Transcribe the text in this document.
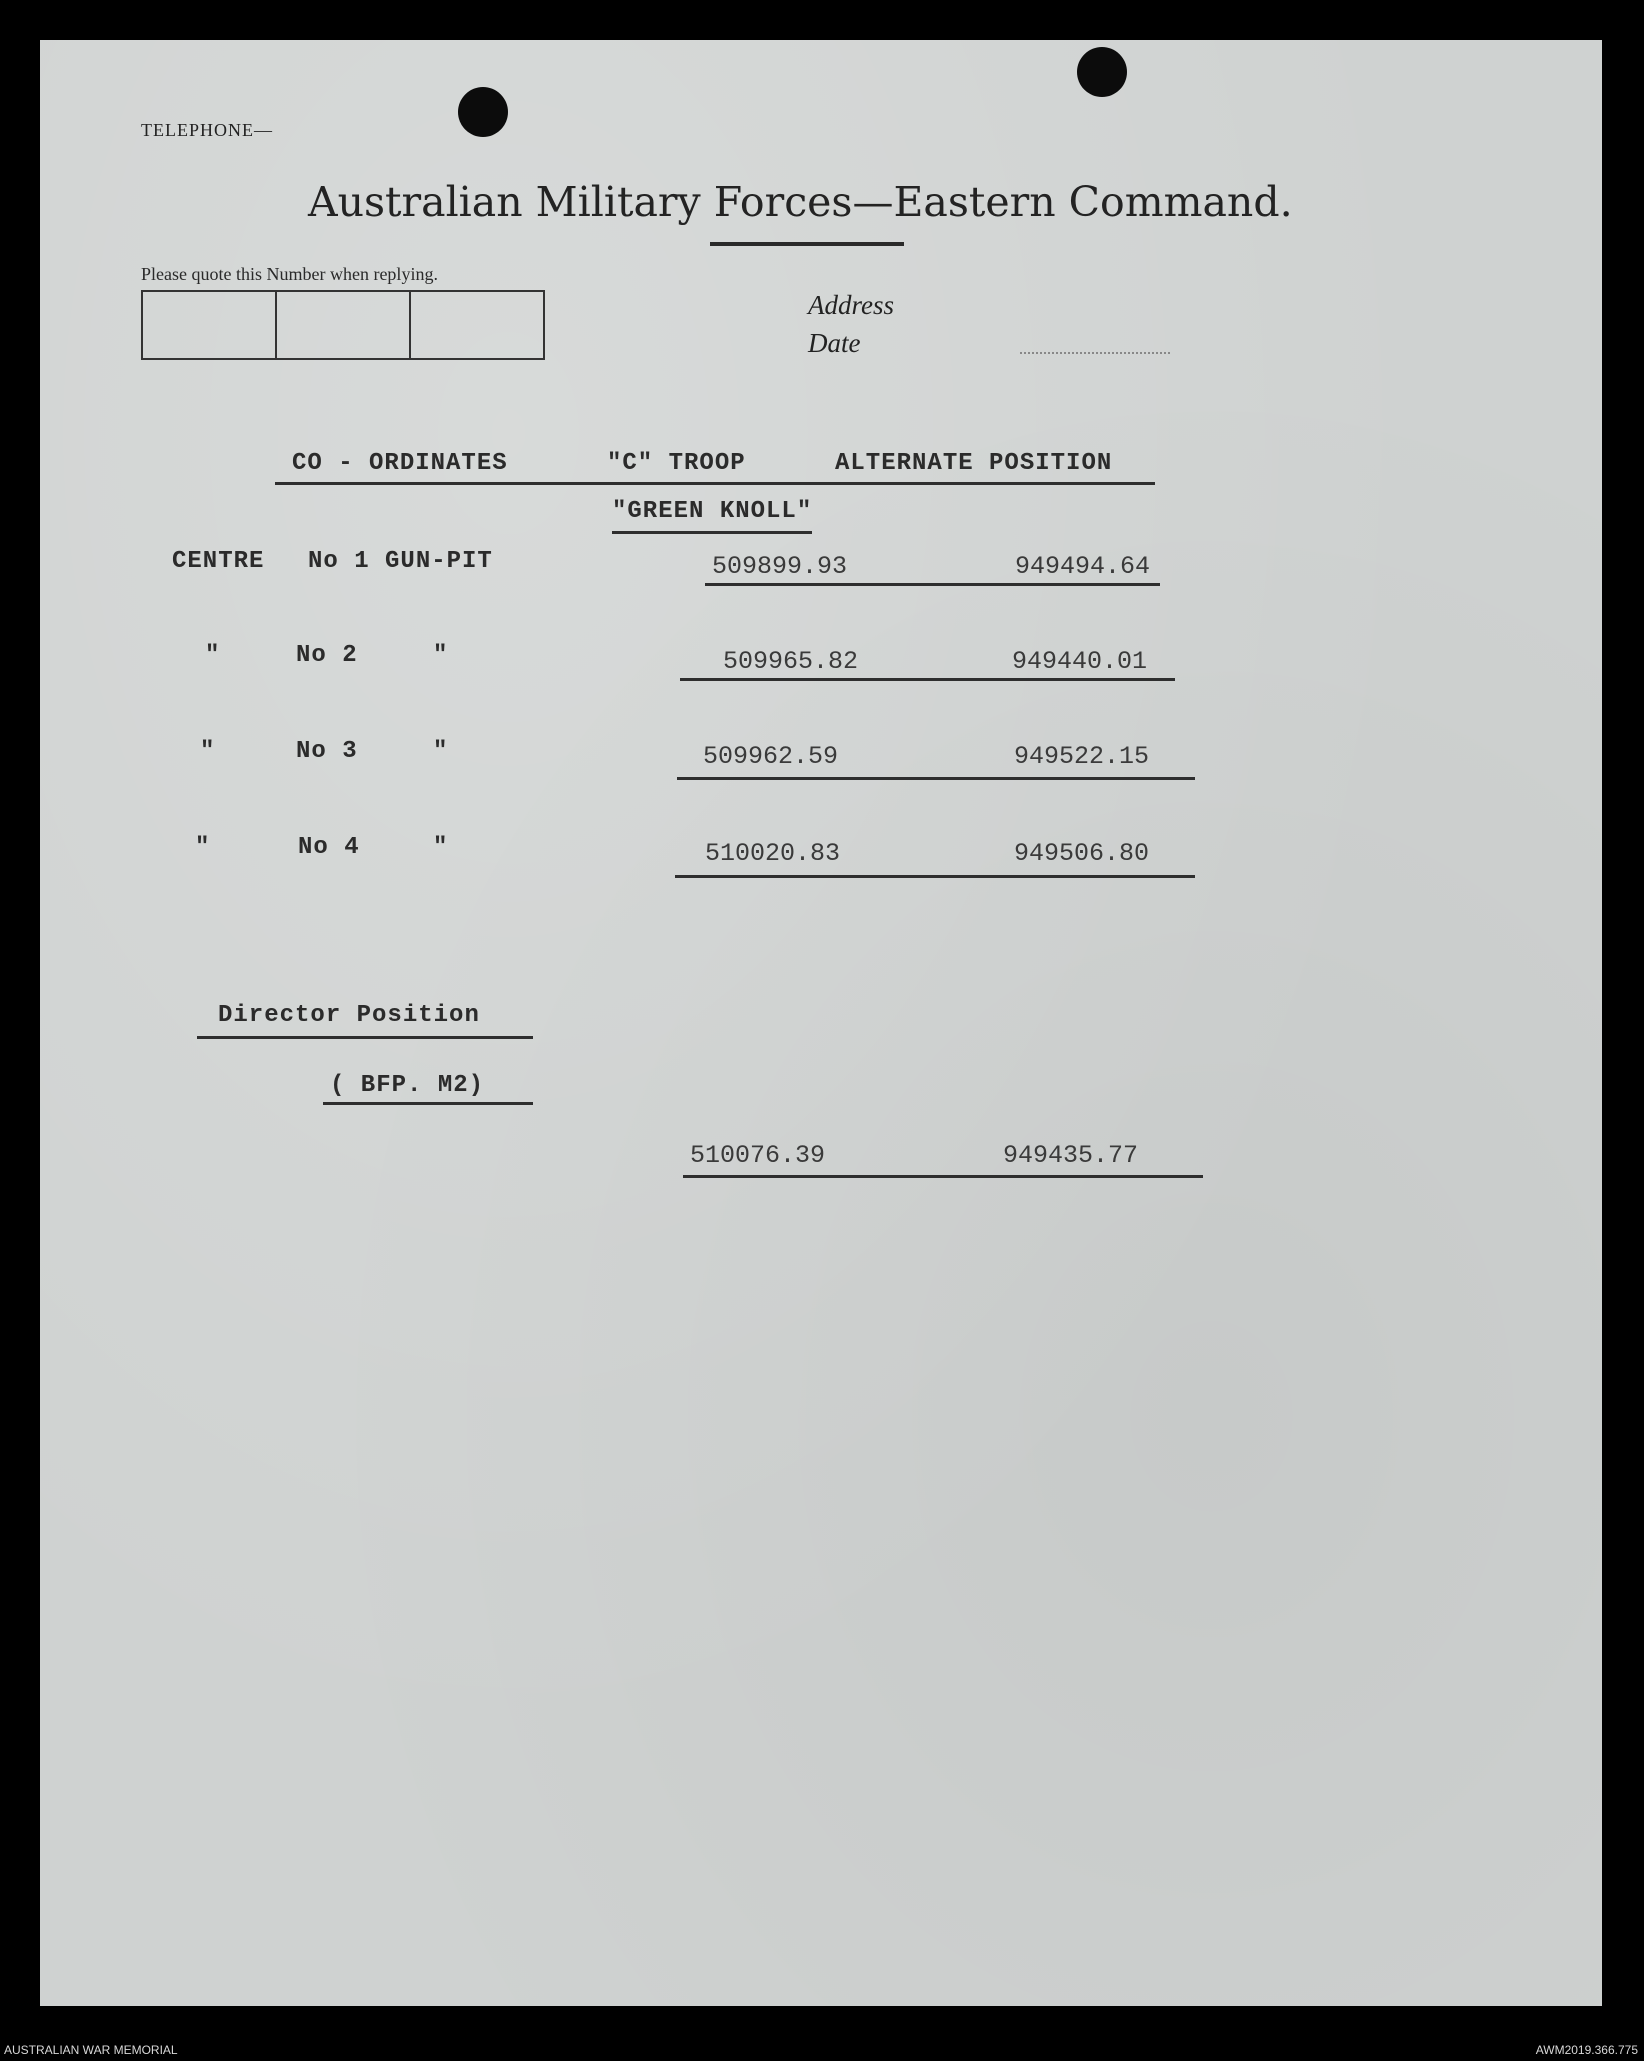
TELEPHONE—
Australian Military Forces—Eastern Command.
Please quote this Number when replying.
Address
Date
CO - ORDINATES	"C" TROOP	ALTERNATE POSITION
"GREEN KNOLL"
CENTRE No 1 GUN-PIT	509899.93	949494.64
"	No 2	"	509965.82	949440.01
"	No 3	"	509962.59	949522.15
"	No 4	"	510020.83	949506.80
Director Position
( BFP. M2)
510076.39	949435.77
AUSTRALIAN WAR MEMORIAL	AWM2019.366.775
